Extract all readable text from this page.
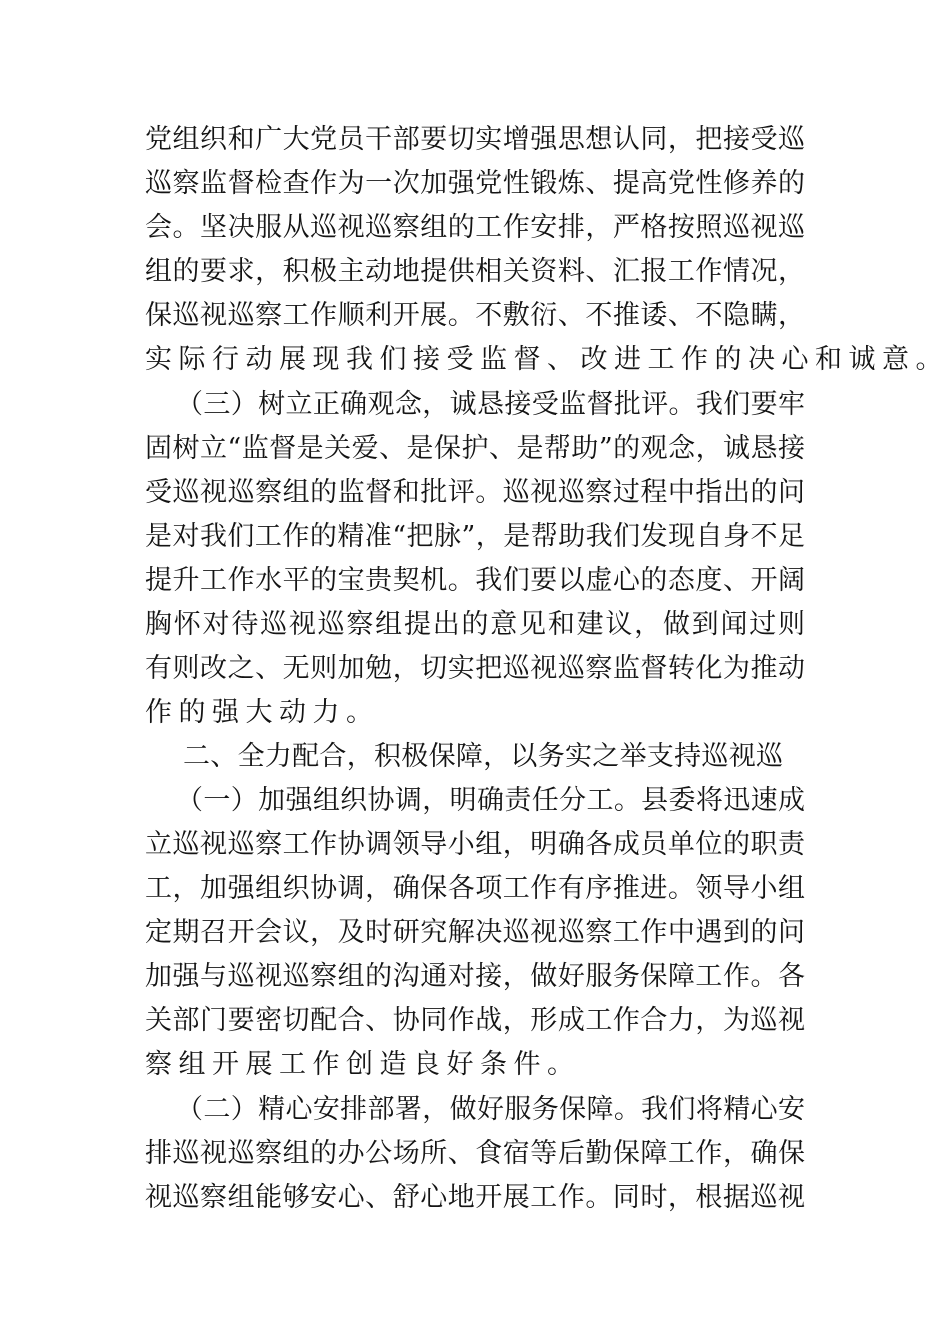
党组织和广大党员干部要切实增强思想认同，把接受巡
巡察监督检查作为一次加强党性锻炼、提高党性修养的
会。坚决服从巡视巡察组的工作安排，严格按照巡视巡
组的要求，积极主动地提供相关资料、汇报工作情况，
保巡视巡察工作顺利开展。不敷衍、不推诿、不隐瞒，
实际行动展现我们接受监督、改进工作的决心和诚意。
（三）树立正确观念，诚恳接受监督批评。我们要牢
固树立“监督是关爱、是保护、是帮助”的观念，诚恳接
受巡视巡察组的监督和批评。巡视巡察过程中指出的问
是对我们工作的精准“把脉”，是帮助我们发现自身不足
提升工作水平的宝贵契机。我们要以虚心的态度、开阔
胸怀对待巡视巡察组提出的意见和建议，做到闻过则
有则改之、无则加勉，切实把巡视巡察监督转化为推动
作的强大动力。
二、全力配合，积极保障，以务实之举支持巡视巡
（一）加强组织协调，明确责任分工。县委将迅速成
立巡视巡察工作协调领导小组，明确各成员单位的职责
工，加强组织协调，确保各项工作有序推进。领导小组
定期召开会议，及时研究解决巡视巡察工作中遇到的问
加强与巡视巡察组的沟通对接，做好服务保障工作。各
关部门要密切配合、协同作战，形成工作合力，为巡视
察组开展工作创造良好条件。
（二）精心安排部署，做好服务保障。我们将精心安
排巡视巡察组的办公场所、食宿等后勤保障工作，确保
视巡察组能够安心、舒心地开展工作。同时，根据巡视
